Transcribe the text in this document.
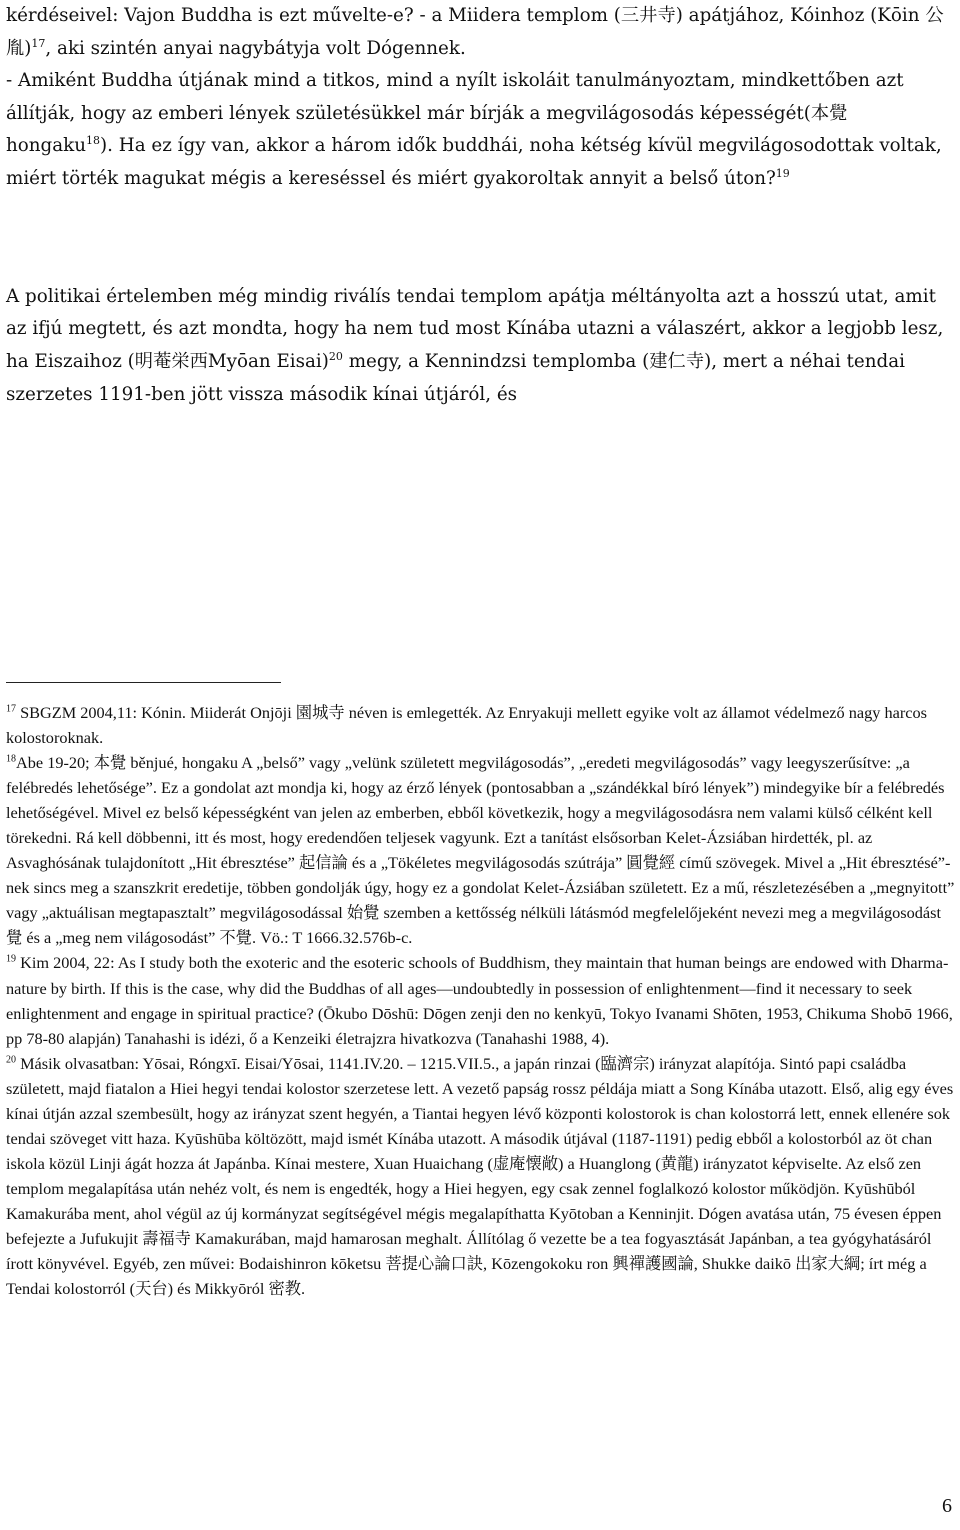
kérdéseivel: Vajon Buddha is ezt művelte-e? - a Miidera templom (三井寺) apátjához, Kóinhoz (Kōin 公胤)$^{17}$, aki szintén anyai nagybátyja volt Dógennek.
- Amiként Buddha útjának mind a titkos, mind a nyílt iskoláit tanulmányoztam, mindkettőben azt állítják, hogy az emberi lények születésükkel már bírják a megvilágosodás képességét(本覺hongaku$^{18}$). Ha ez így van, akkor a három idők buddhái, noha kétség kívül megvilágosodottak voltak, miért törték magukat mégis a kereséssel és miért gyakoroltak annyit a belső úton?$^{19}$

A politikai értelemben még mindig riválís tendai templom apátja méltányolta azt a hosszú utat, amit az ifjú megtett, és azt mondta, hogy ha nem tud most Kínába utazni a válaszért, akkor a legjobb lesz, ha Eiszaihoz (明菴栄西Myōan Eisai)$^{20}$ megy, a Kennindzsi templomba (建仁寺), mert a néhai tendai szerzetes 1191-ben jött vissza második kínai útjáról, és

$^{17}$ SBGZM 2004,11: Kónin. Miiderát Onjōji 園城寺 néven is emlegették. Az Enryakuji mellett egyike volt az államot védelmező nagy harcos kolostoroknak.

$^{18}$Abe 19-20; 本覺 běnjué, hongaku A „belső” vagy „velünk született megvilágosodás”, „eredeti megvilágosodás” vagy leegyszerűsítve: „a felébredés lehetősége”. Ez a gondolat azt mondja ki, hogy az érző lények (pontosabban a „szándékkal bíró lények”) mindegyike bír a felébredés lehetőségével. Mivel ez belső képességként van jelen az emberben, ebből következik, hogy a megvilágosodásra nem valami külső célként kell törekedni. Rá kell döbbenni, itt és most, hogy eredendően teljesek vagyunk. Ezt a tanítást elsősorban Kelet-Ázsiában hirdették, pl. az Asvaghósának tulajdonított „Hit ébresztése” 起信論 és a „Tökéletes megvilágosodás szútrája” 圓覺經 című szövegek. Mivel a „Hit ébresztésé”-nek sincs meg a szanszkrit eredetije, többen gondolják úgy, hogy ez a gondolat Kelet-Ázsiában született. Ez a mű, részletezésében a „megnyitott” vagy „aktuálisan megtapasztalt” megvilágosodással 始覺 szemben a kettősség nélküli látásmód megfelelőjeként nevezi meg a megvilágosodást 覺 és a „meg nem világosodást” 不覺. Vö.: T 1666.32.576b-c.

$^{19}$ Kim 2004, 22: As I study both the exoteric and the esoteric schools of Buddhism, they maintain that human beings are endowed with Dharma-nature by birth. If this is the case, why did the Buddhas of all ages—undoubtedly in possession of enlightenment—find it necessary to seek enlightenment and engage in spiritual practice? (Ōkubo Dōshū: Dōgen zenji den no kenkyū, Tokyo Ivanami Shōten, 1953, Chikuma Shobō 1966, pp 78-80 alapján) Tanahashi is idézi, ő a Kenzeiki életrajzra hivatkozva (Tanahashi 1988, 4).

$^{20}$ Másik olvasatban: Yōsai, Róngxī. Eisai/Yōsai, 1141.IV.20. – 1215.VII.5., a japán rinzai (臨濟宗) irányzat alapítója. Sintó papi családba született, majd fiatalon a Hiei hegyi tendai kolostor szerzetese lett. A vezető papság rossz példája miatt a Song Kínába utazott. Első, alig egy éves kínai útján azzal szembesült, hogy az irányzat szent hegyén, a Tiantai hegyen lévő központi kolostorok is chan kolostorrá lett, ennek ellenére sok tendai szöveget vitt haza. Kyūshūba költözött, majd ismét Kínába utazott. A második útjával (1187-1191) pedig ebből a kolostorból az öt chan iskola közül Linji ágát hozza át Japánba. Kínai mestere, Xuan Huaichang (虚庵懐敞) a Huanglong (黄龍) irányzatot képviselte. Az első zen templom megalapítása után nehéz volt, és nem is engedték, hogy a Hiei hegyen, egy csak zennel foglalkozó kolostor működjön. Kyūshūból Kamakurába ment, ahol végül az új kormányzat segítségével mégis megalapíthatta Kyōtoban a Kenninjit. Dógen avatása után, 75 évesen éppen befejezte a Jufukujit 壽福寺 Kamakurában, majd hamarosan meghalt. Állítólag ő vezette be a tea fogyasztását Japánban, a tea gyógyhatásáról írott könyvével. Egyéb, zen művei: Bodaishinron kōketsu 菩提心論口訣, Kōzengokoku ron 興禪護國論, Shukke daikō 出家大綱; írt még a Tendai kolostorról (天台) és Mikkyōról 密教.

6
